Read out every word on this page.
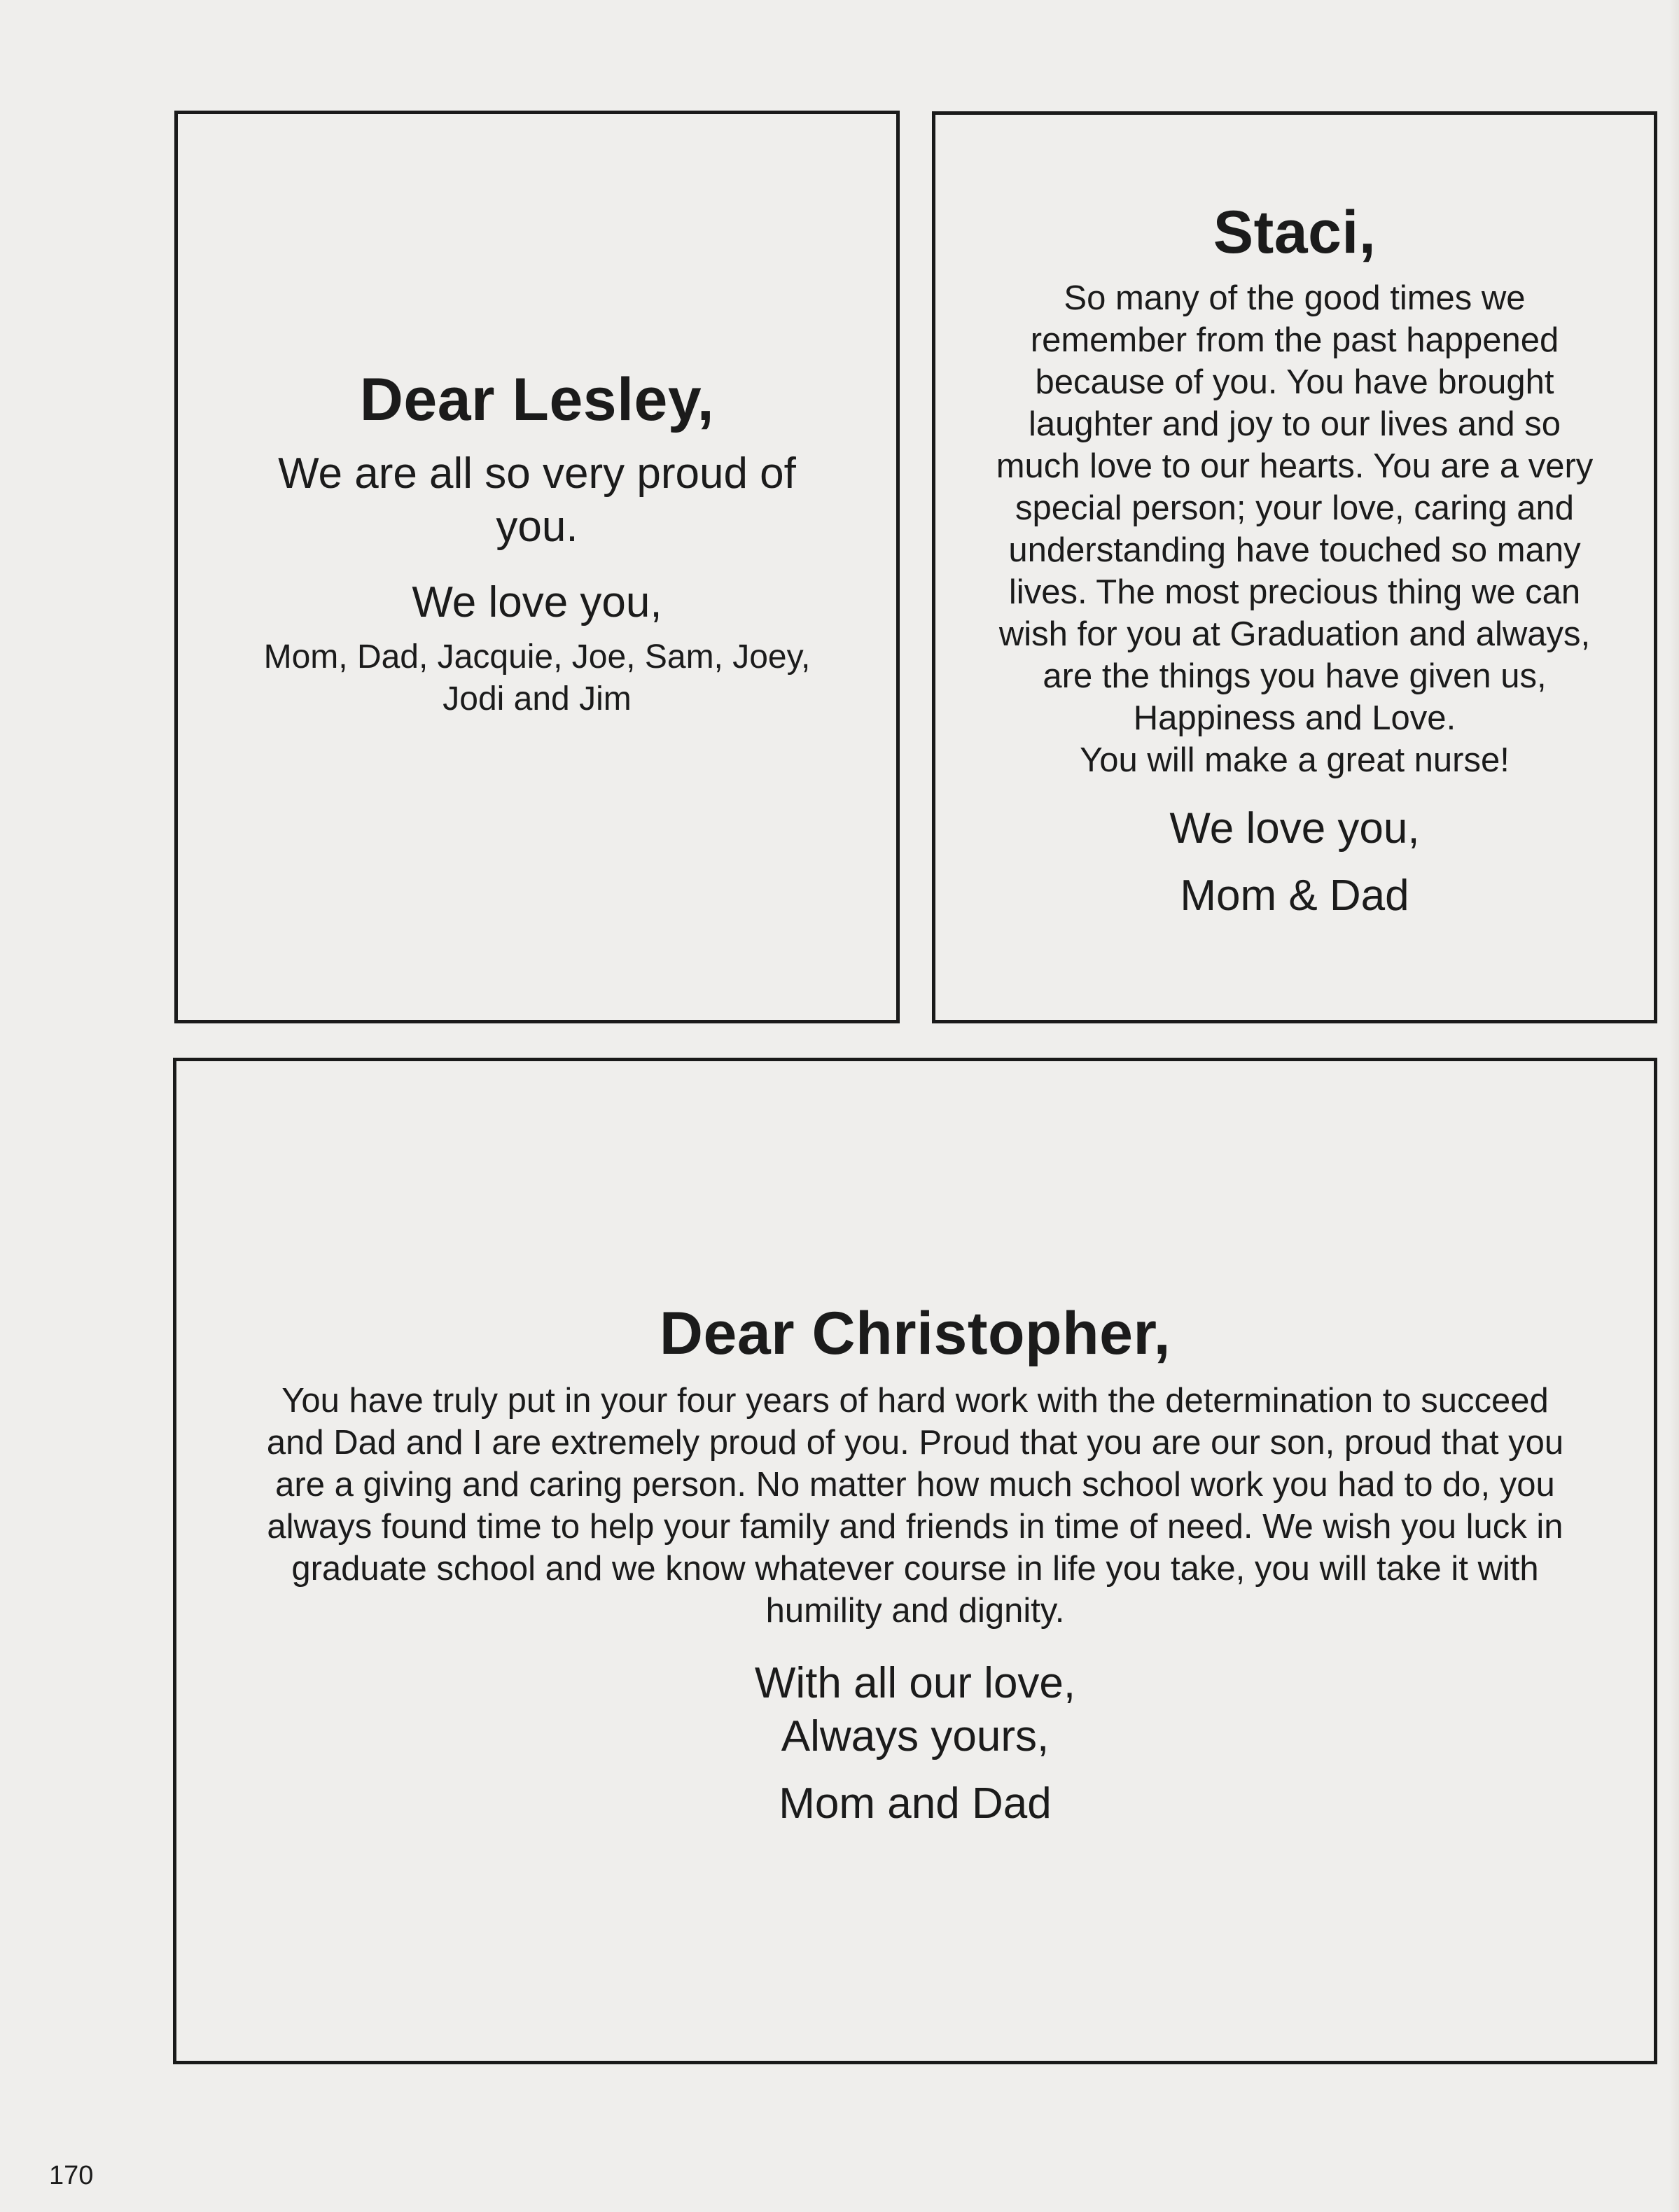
Dear Lesley,

We are all so very proud of
you.

We love you,

Mom, Dad, Jacquie, Joe, Sam, Joey,
Jodi and Jim

Staci,

So many of the good times we
remember from the past happened
because of you. You have brought
laughter and joy to our lives and so
much love to our hearts. You are a very
special person; your love, caring and
understanding have touched so many
lives. The most precious thing we can
wish for you at Graduation and always,
are the things you have given us,
Happiness and Love.
You will make a great nurse!

We love you,

Mom & Dad

Dear Christopher,

You have truly put in your four years of hard work with the determination to succeed
and Dad and I are extremely proud of you. Proud that you are our son, proud that you
are a giving and caring person. No matter how much school work you had to do, you
always found time to help your family and friends in time of need. We wish you luck in
graduate school and we know whatever course in life you take, you will take it with
humility and dignity.

With all our love,
Always yours,

Mom and Dad

170
